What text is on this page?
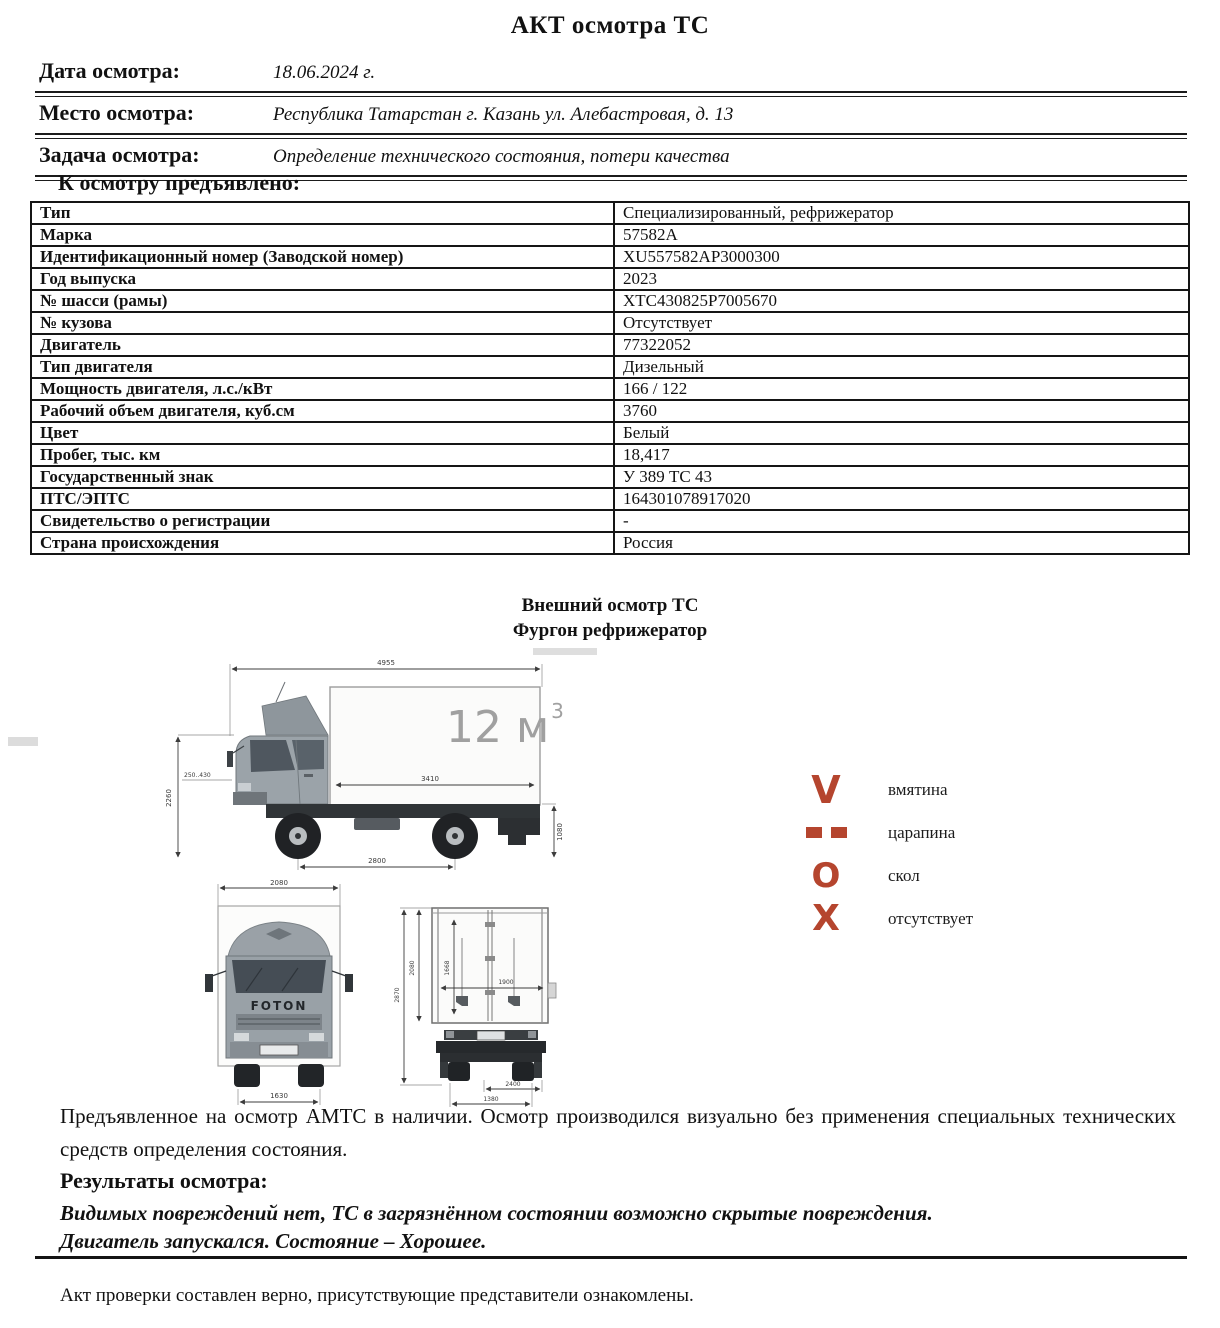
АКТ осмотра ТС
Дата осмотра:	18.06.2024 г.
Место осмотра:	Республика Татарстан г. Казань ул. Алебастровая, д. 13
Задача осмотра:	Определение технического состояния, потери качества
К осмотру предъявлено:
Тип	Специализированный, рефрижератор
Марка	57582А
Идентификационный номер (Заводской номер)	XU557582AP3000300
Год выпуска	2023
№ шасси (рамы)	XTC430825P7005670
№ кузова	Отсутствует
Двигатель	77322052
Тип двигателя	Дизельный
Мощность двигателя, л.с./кВт	166 / 122
Рабочий объем двигателя, куб.см	3760
Цвет	Белый
Пробег, тыс. км	18,417
Государственный знак	У 389 ТС 43
ПТС/ЭПТС	164301078917020
Свидетельство о регистрации	-
Страна происхождения	Россия
Внешний осмотр ТС
Фургон рефрижератор
4955
12 м $^3$
3410
2260
250..430
1080
2800
2080
FOTON
1630
2870
2080	1668
1900
2400
1380
V	вмятина
царапина
O	скол
X	отсутствует
Предъявленное на осмотр АМТС в наличии. Осмотр производился визуально без применения специальных технических средств определения состояния.
Результаты осмотра:
Видимых повреждений нет, ТС в загрязнённом состоянии возможно скрытые повреждения.
Двигатель запускался. Состояние – Хорошее.
Акт проверки составлен верно, присутствующие представители ознакомлены.
